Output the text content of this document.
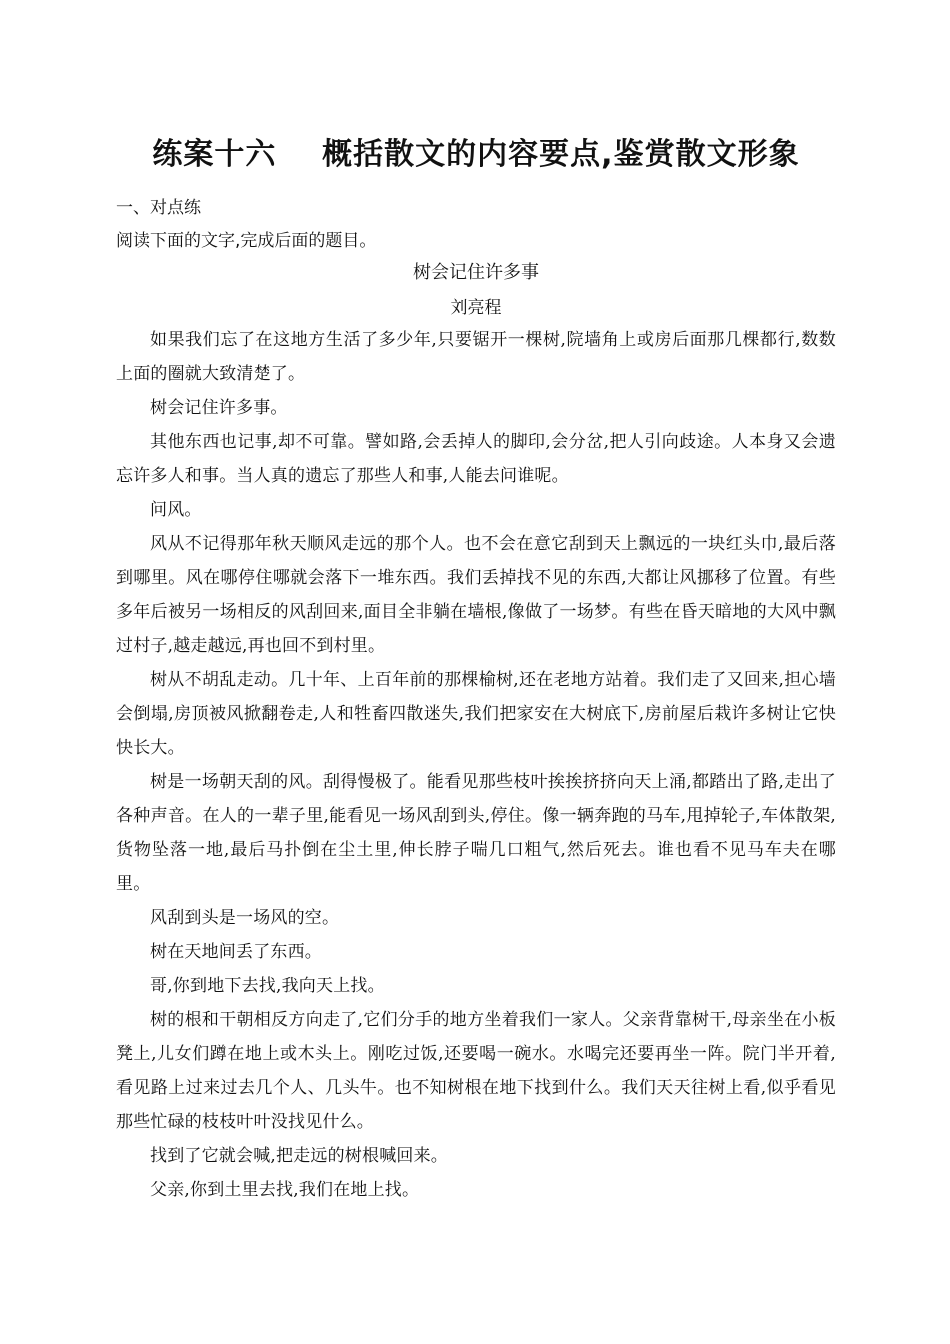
练案十六    概括散文的内容要点,鉴赏散文形象
一、对点练
阅读下面的文字,完成后面的题目。
树会记住许多事
刘亮程

如果我们忘了在这地方生活了多少年,只要锯开一棵树,院墙角上或房后面那几棵都行,数数上面的圈就大致清楚了。

树会记住许多事。

其他东西也记事,却不可靠。譬如路,会丢掉人的脚印,会分岔,把人引向歧途。人本身又会遗忘许多人和事。当人真的遗忘了那些人和事,人能去问谁呢。

问风。

风从不记得那年秋天顺风走远的那个人。也不会在意它刮到天上飘远的一块红头巾,最后落到哪里。风在哪停住哪就会落下一堆东西。我们丢掉找不见的东西,大都让风挪移了位置。有些多年后被另一场相反的风刮回来,面目全非躺在墙根,像做了一场梦。有些在昏天暗地的大风中飘过村子,越走越远,再也回不到村里。

树从不胡乱走动。几十年、上百年前的那棵榆树,还在老地方站着。我们走了又回来,担心墙会倒塌,房顶被风掀翻卷走,人和牲畜四散迷失,我们把家安在大树底下,房前屋后栽许多树让它快快长大。

树是一场朝天刮的风。刮得慢极了。能看见那些枝叶挨挨挤挤向天上涌,都踏出了路,走出了各种声音。在人的一辈子里,能看见一场风刮到头,停住。像一辆奔跑的马车,甩掉轮子,车体散架,货物坠落一地,最后马扑倒在尘土里,伸长脖子喘几口粗气,然后死去。谁也看不见马车夫在哪里。

风刮到头是一场风的空。

树在天地间丢了东西。

哥,你到地下去找,我向天上找。

树的根和干朝相反方向走了,它们分手的地方坐着我们一家人。父亲背靠树干,母亲坐在小板凳上,儿女们蹲在地上或木头上。刚吃过饭,还要喝一碗水。水喝完还要再坐一阵。院门半开着,看见路上过来过去几个人、几头牛。也不知树根在地下找到什么。我们天天往树上看,似乎看见那些忙碌的枝枝叶叶没找见什么。

找到了它就会喊,把走远的树根喊回来。

父亲,你到土里去找,我们在地上找。
